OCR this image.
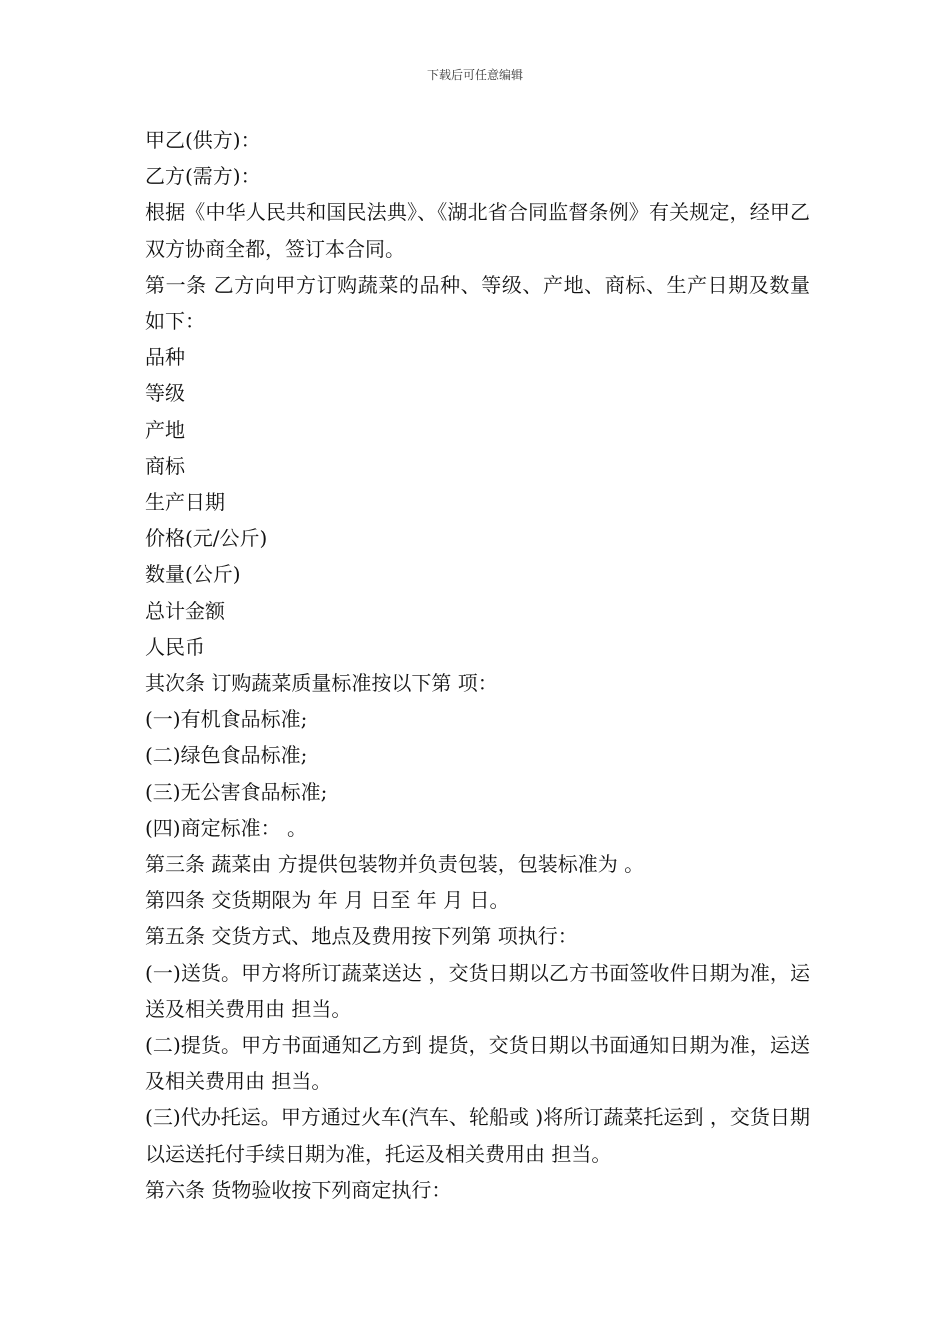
下载后可任意编辑

甲乙(供方)：

乙方(需方)：

根据《中华人民共和国民法典》、《湖北省合同监督条例》有关规定，经甲乙双方协商全都，签订本合同。

第一条 乙方向甲方订购蔬菜的品种、等级、产地、商标、生产日期及数量如下：

品种

等级

产地

商标

生产日期

价格(元/公斤)

数量(公斤)

总计金额

人民币

其次条 订购蔬菜质量标准按以下第 项：

(一)有机食品标准;

(二)绿色食品标准;

(三)无公害食品标准;

(四)商定标准： 。

第三条 蔬菜由 方提供包装物并负责包装，包装标准为 。

第四条 交货期限为 年 月 日至 年 月 日。

第五条 交货方式、地点及费用按下列第 项执行：

(一)送货。甲方将所订蔬菜送达 ，交货日期以乙方书面签收件日期为准，运送及相关费用由 担当。

(二)提货。甲方书面通知乙方到 提货，交货日期以书面通知日期为准，运送及相关费用由 担当。

(三)代办托运。甲方通过火车(汽车、轮船或 )将所订蔬菜托运到 ，交货日期以运送托付手续日期为准，托运及相关费用由 担当。

第六条 货物验收按下列商定执行：
